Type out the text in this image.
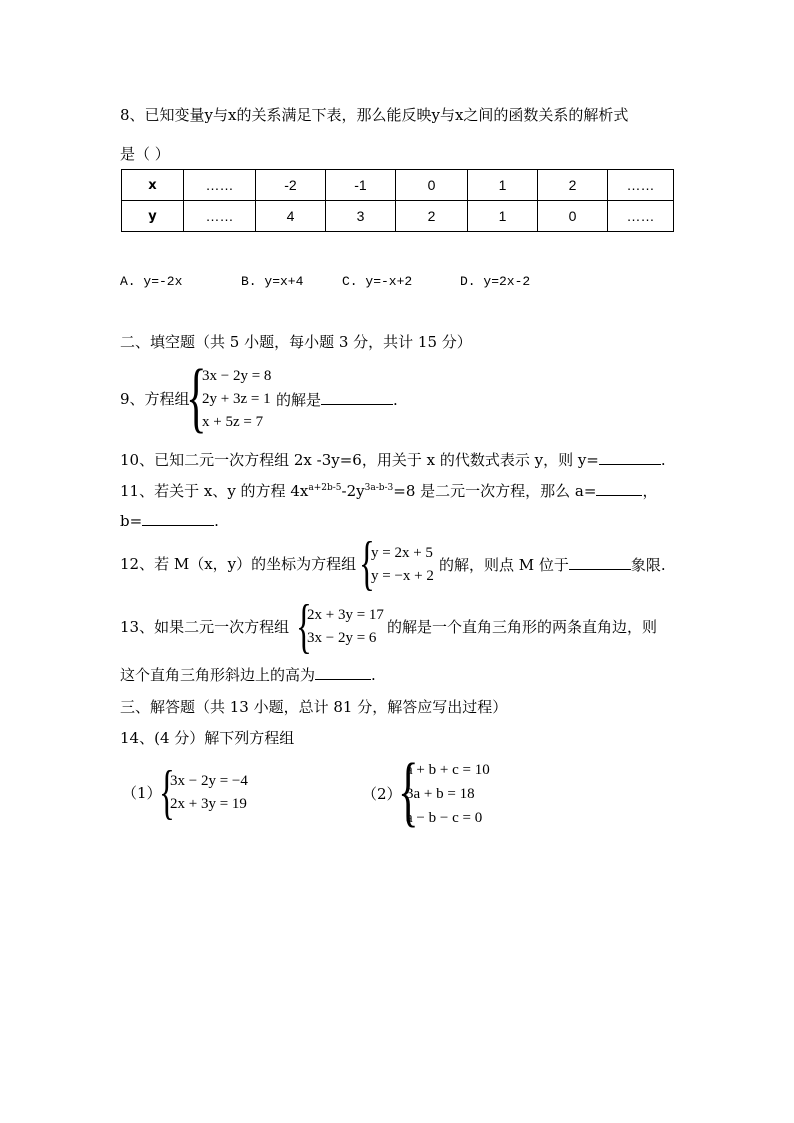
8、已知变量y与x的关系满足下表，那么能反映y与x之间的函数关系的解析式
是（ ）
x	……	-2	-1	0	1	2	……
y	……	4	3	2	1	0	……
A. y=-2x	B. y=x+4	C. y=-x+2	D. y=2x-2
二、填空题（共 5 小题，每小题 3 分，共计 15 分）
9、方程组
{
3x − 2y = 8
2y + 3z = 1
x + 5z = 7
的解是	.
10、已知二元一次方程组 2x -3y=6，用关于 x 的代数式表示 y，则 y=	.
11、若关于 x、y 的方程 $4x^{a+2b-5}-2y^{3a-b-3}=8$ 是二元一次方程，那么 a=	，
b=	.
12、若 M（x，y）的坐标为方程组 {
y = 2x + 5
y = −x + 2
的解，则点 M 位于	象限.
13、如果二元一次方程组 {
2x + 3y = 17
3x − 2y = 6
的解是一个直角三角形的两条直角边，则
这个直角三角形斜边上的高为	.
三、解答题（共 13 小题，总计 81 分，解答应写出过程）
14、(4 分）解下列方程组
（1）
{
3x − 2y = −4
2x + 3y = 19
（2）
{
a + b + c = 10
3a + b = 18
a − b − c = 0
